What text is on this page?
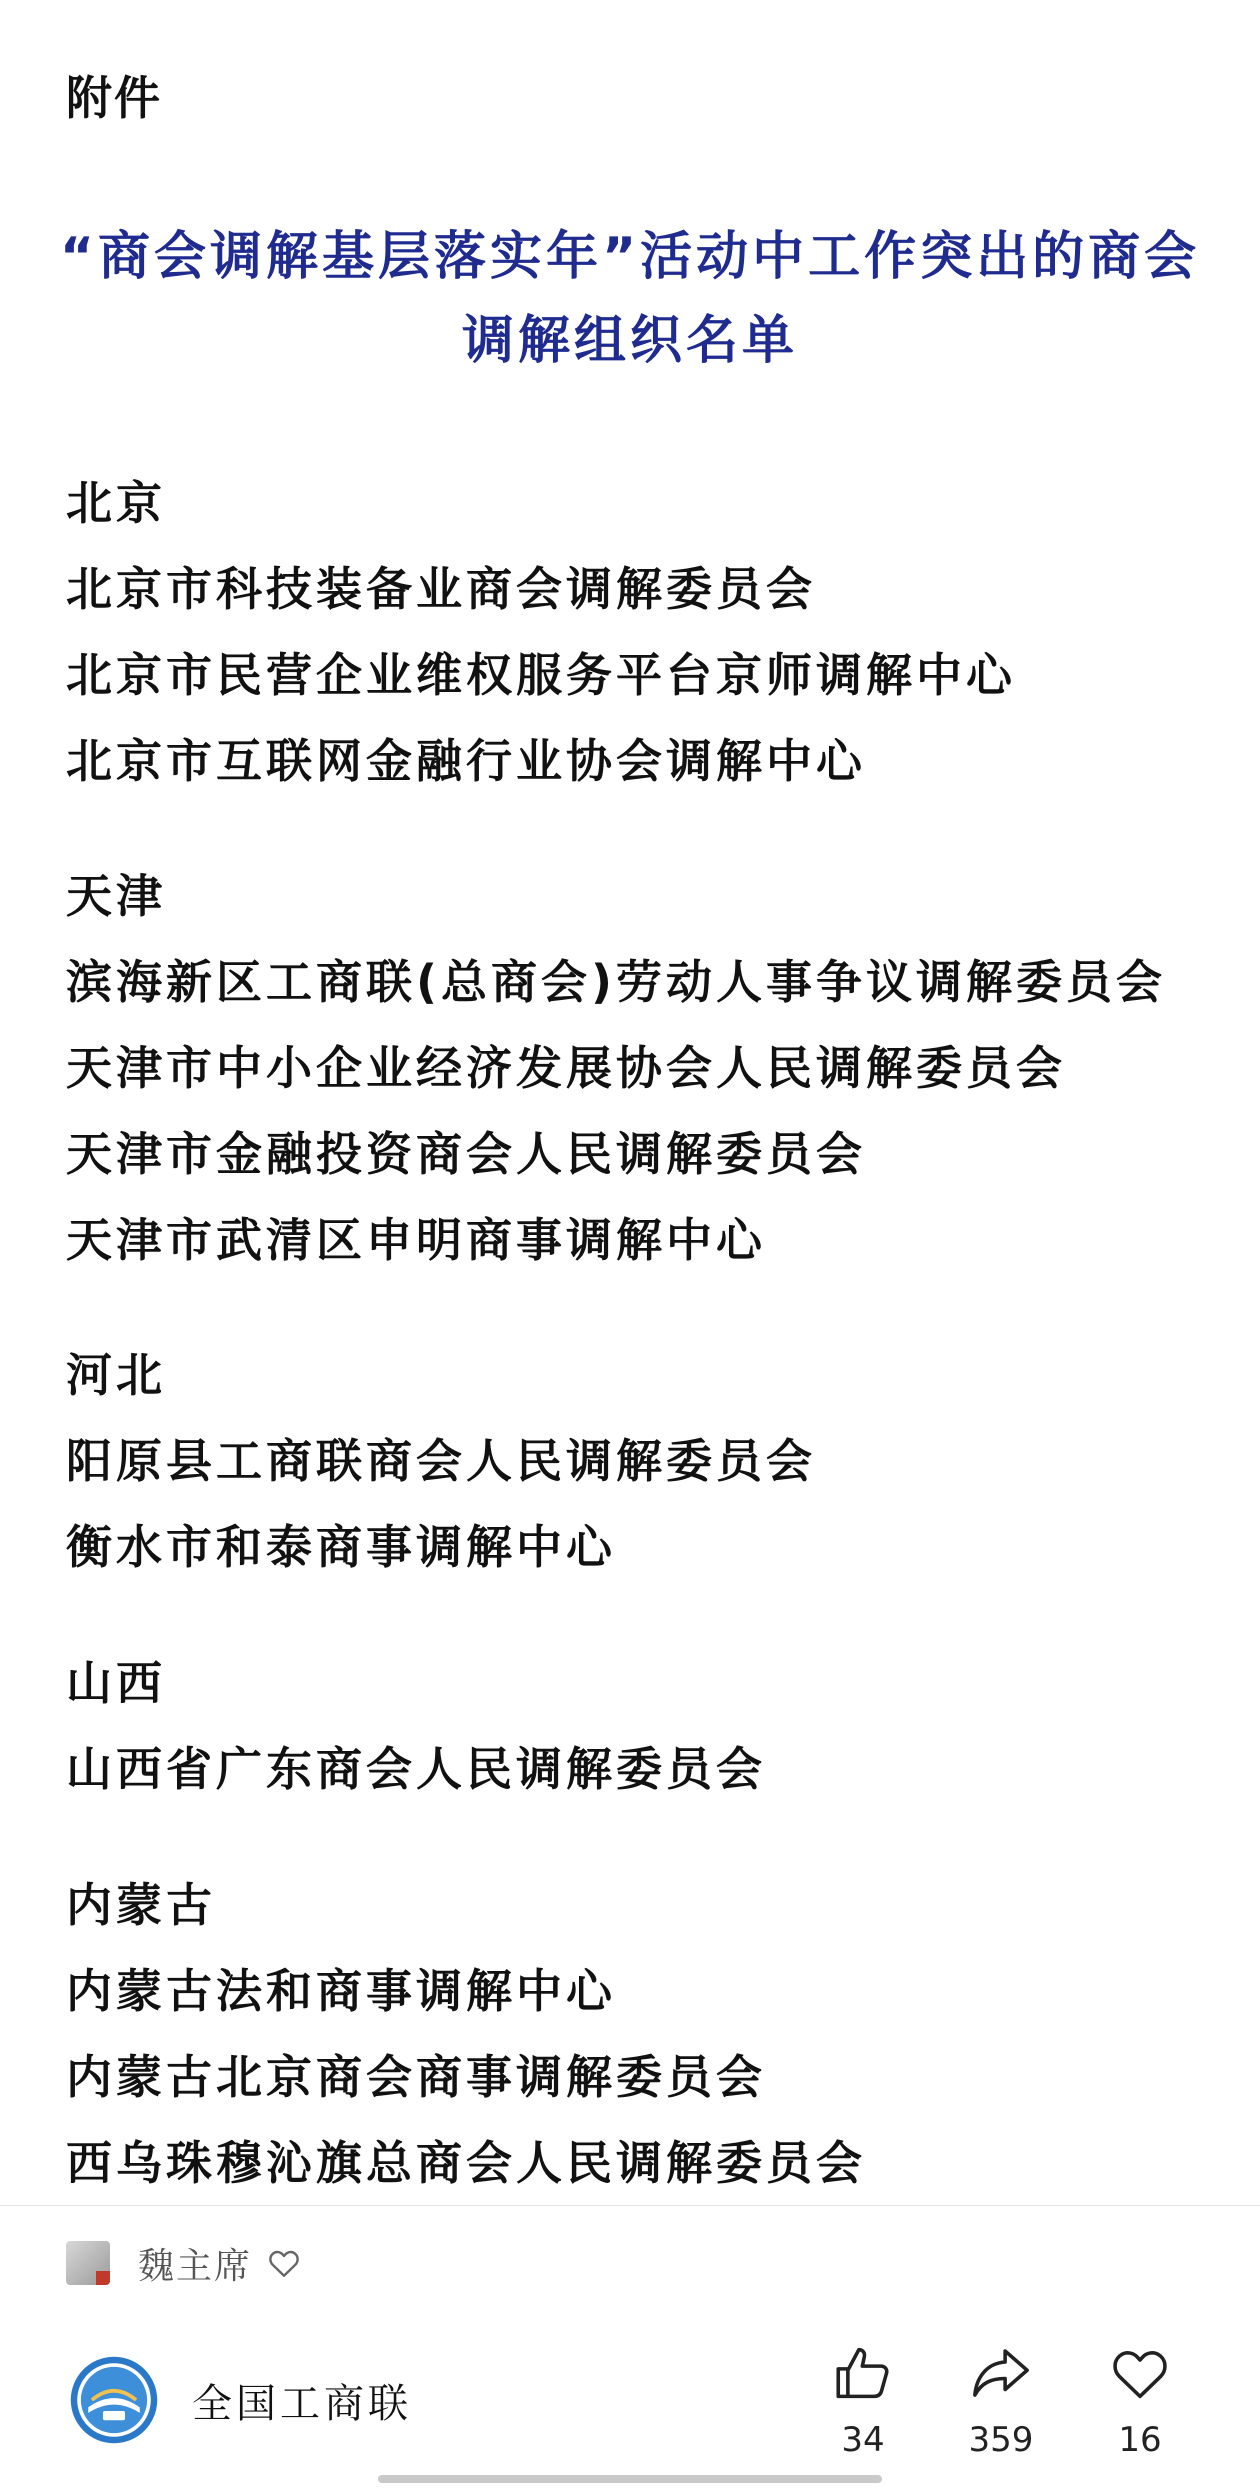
附件
“商会调解基层落实年”活动中工作突出的商会
调解组织名单
北京
北京市科技装备业商会调解委员会
北京市民营企业维权服务平台京师调解中心
北京市互联网金融行业协会调解中心
天津
滨海新区工商联(总商会)劳动人事争议调解委员会
天津市中小企业经济发展协会人民调解委员会
天津市金融投资商会人民调解委员会
天津市武清区申明商事调解中心
河北
阳原县工商联商会人民调解委员会
衡水市和泰商事调解中心
山西
山西省广东商会人民调解委员会
内蒙古
内蒙古法和商事调解中心
内蒙古北京商会商事调解委员会
西乌珠穆沁旗总商会人民调解委员会
魏主席
全国工商联
34	359	16
